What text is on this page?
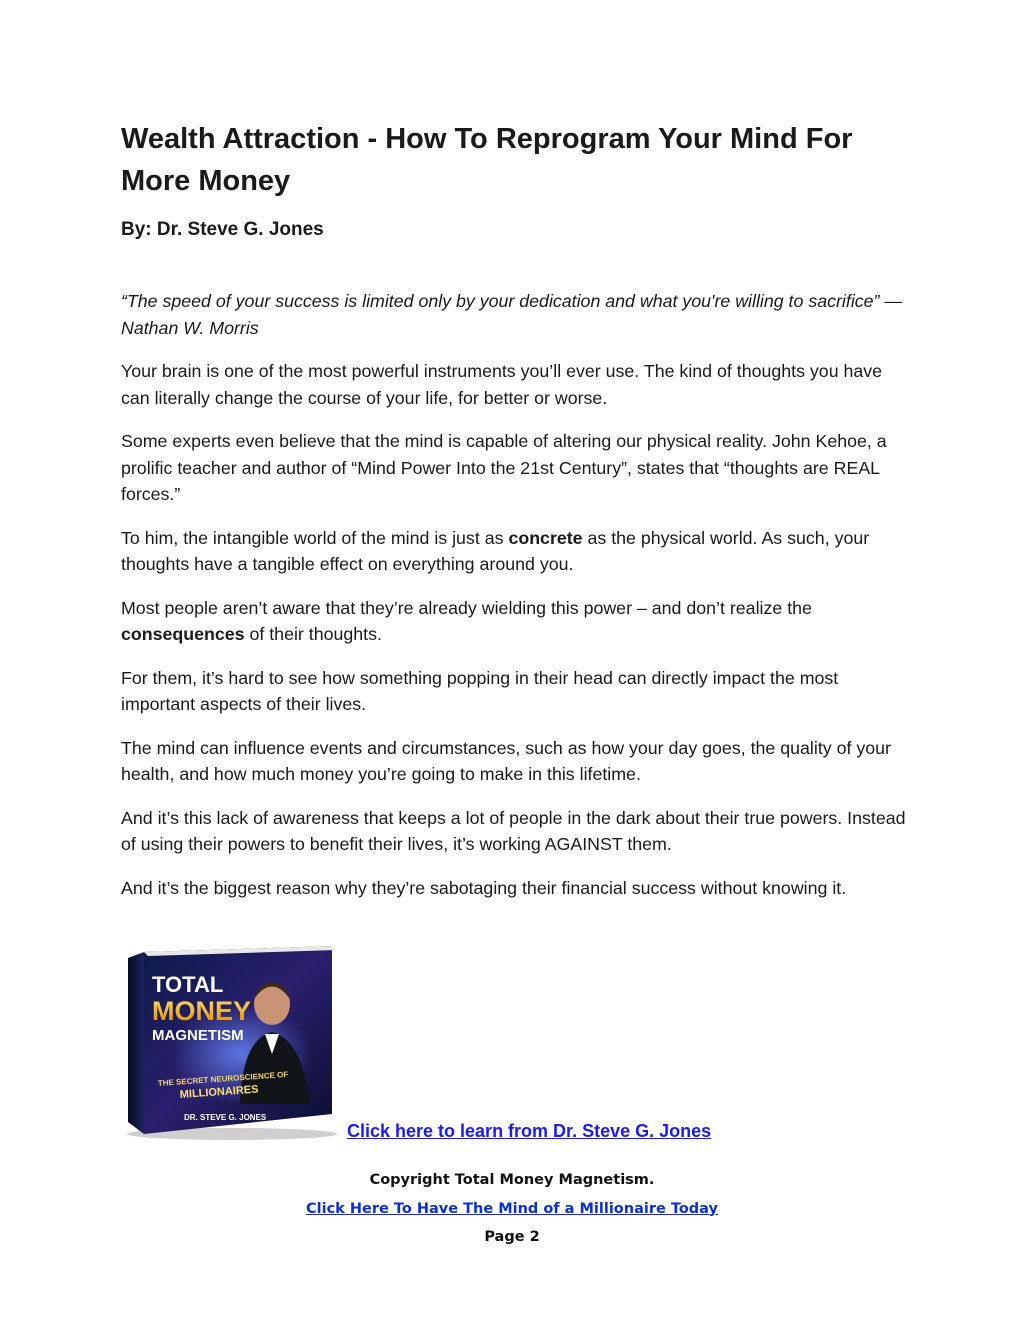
Wealth Attraction - How To Reprogram Your Mind For More Money

By: Dr. Steve G. Jones

“The speed of your success is limited only by your dedication and what you're willing to sacrifice” — Nathan W. Morris

Your brain is one of the most powerful instruments you’ll ever use. The kind of thoughts you have can literally change the course of your life, for better or worse.

Some experts even believe that the mind is capable of altering our physical reality. John Kehoe, a prolific teacher and author of “Mind Power Into the 21st Century”, states that “thoughts are REAL forces.”

To him, the intangible world of the mind is just as concrete as the physical world. As such, your thoughts have a tangible effect on everything around you.

Most people aren’t aware that they’re already wielding this power – and don’t realize the consequences of their thoughts.

For them, it’s hard to see how something popping in their head can directly impact the most important aspects of their lives.

The mind can influence events and circumstances, such as how your day goes, the quality of your health, and how much money you’re going to make in this lifetime.

And it’s this lack of awareness that keeps a lot of people in the dark about their true powers. Instead of using their powers to benefit their lives, it’s working AGAINST them.

And it’s the biggest reason why they’re sabotaging their financial success without knowing it.

TOTAL
MONEY
MAGNETISM
THE SECRET NEUROSCIENCE OF
MILLIONAIRES
DR. STEVE G. JONES
Click here to learn from Dr. Steve G. Jones
Copyright Total Money Magnetism.
Click Here To Have The Mind of a Millionaire Today
Page 2
